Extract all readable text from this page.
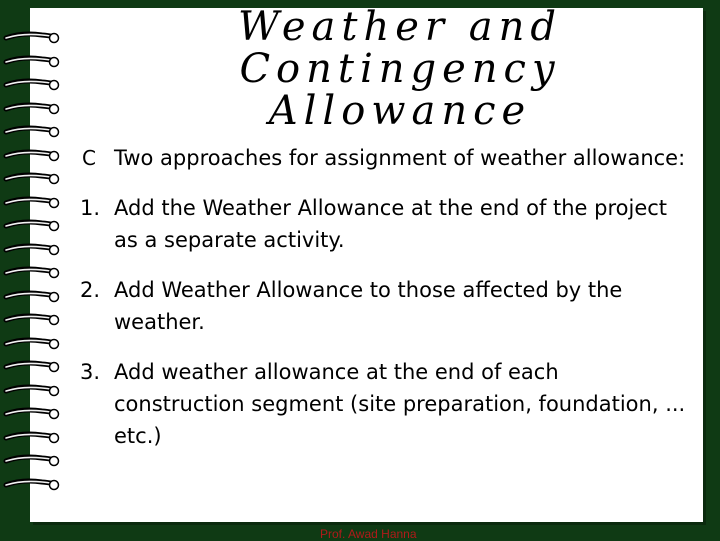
Weather and
Contingency
Allowance
C Two approaches for assignment of weather allowance:
1. Add the Weather Allowance at the end of the project as a separate activity.
2. Add Weather Allowance to those affected by the weather.
3. Add weather allowance at the end of each construction segment (site preparation, foundation, ... etc.)
Prof. Awad Hanna
